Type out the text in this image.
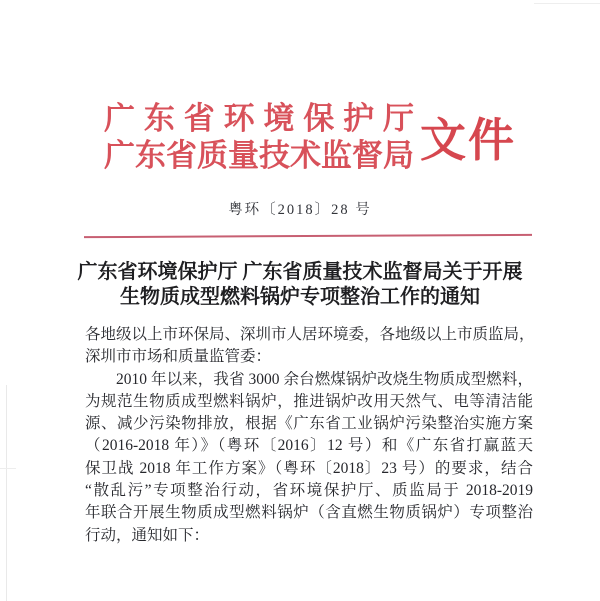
广东省环境保护厅
广东省质量技术监督局 文件
粤环〔2018〕28 号
广东省环境保护厅 广东省质量技术监督局关于开展
生物质成型燃料锅炉专项整治工作的通知
各地级以上市环保局、深圳市人居环境委，各地级以上市质监局，
深圳市市场和质量监管委：
2010 年以来，我省 3000 余台燃煤锅炉改烧生物质成型燃料，
为规范生物质成型燃料锅炉，推进锅炉改用天然气、电等清洁能
源、减少污染物排放，根据《广东省工业锅炉污染整治实施方案
（2016-2018 年）》（粤环〔2016〕12 号）和《广东省打赢蓝天
保卫战 2018 年工作方案》（粤环〔2018〕23 号）的要求，结合
“散乱污”专项整治行动，省环境保护厅、质监局于 2018-2019
年联合开展生物质成型燃料锅炉（含直燃生物质锅炉）专项整治
行动，通知如下：
